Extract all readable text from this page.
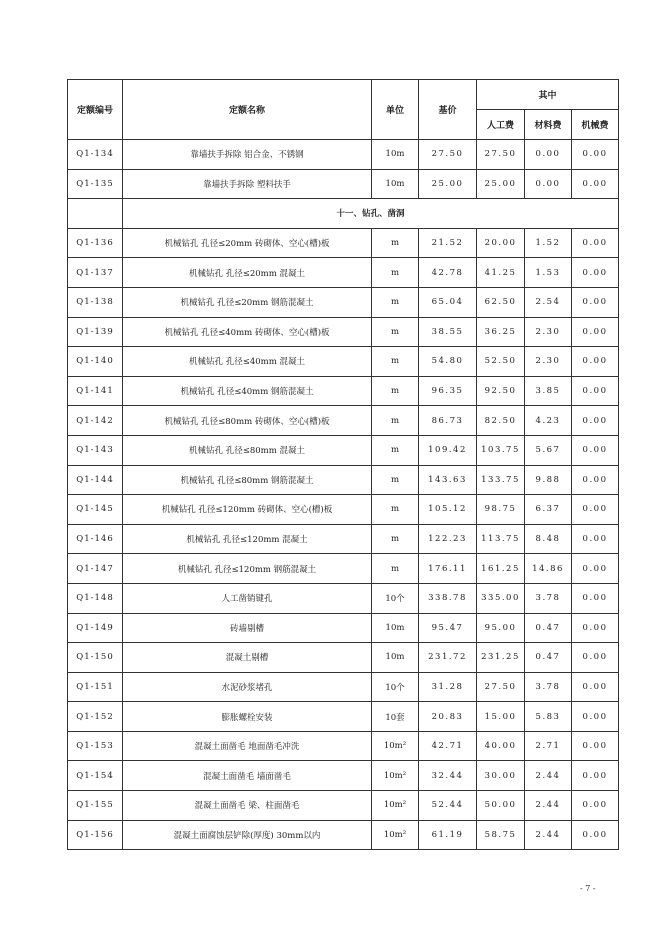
定额编号	定额名称	单位	基价	其中		
				人工费	材料费	机械费
Q1-134	靠墙扶手拆除 铝合金、不锈钢	10m	27.50	27.50	0.00	0.00
Q1-135	靠墙扶手拆除 塑料扶手	10m	25.00	25.00	0.00	0.00
	十一、钻孔、凿洞					
Q1-136	机械钻孔 孔径≤20mm 砖砌体、空心(槽)板	m	21.52	20.00	1.52	0.00
Q1-137	机械钻孔 孔径≤20mm 混凝土	m	42.78	41.25	1.53	0.00
Q1-138	机械钻孔 孔径≤20mm 钢筋混凝土	m	65.04	62.50	2.54	0.00
Q1-139	机械钻孔 孔径≤40mm 砖砌体、空心(槽)板	m	38.55	36.25	2.30	0.00
Q1-140	机械钻孔 孔径≤40mm 混凝土	m	54.80	52.50	2.30	0.00
Q1-141	机械钻孔 孔径≤40mm 钢筋混凝土	m	96.35	92.50	3.85	0.00
Q1-142	机械钻孔 孔径≤80mm 砖砌体、空心(槽)板	m	86.73	82.50	4.23	0.00
Q1-143	机械钻孔 孔径≤80mm 混凝土	m	109.42	103.75	5.67	0.00
Q1-144	机械钻孔 孔径≤80mm 钢筋混凝土	m	143.63	133.75	9.88	0.00
Q1-145	机械钻孔 孔径≤120mm 砖砌体、空心(槽)板	m	105.12	98.75	6.37	0.00
Q1-146	机械钻孔 孔径≤120mm 混凝土	m	122.23	113.75	8.48	0.00
Q1-147	机械钻孔 孔径≤120mm 钢筋混凝土	m	176.11	161.25	14.86	0.00
Q1-148	人工凿销键孔	10个	338.78	335.00	3.78	0.00
Q1-149	砖墙剔槽	10m	95.47	95.00	0.47	0.00
Q1-150	混凝土剔槽	10m	231.72	231.25	0.47	0.00
Q1-151	水泥砂浆堵孔	10个	31.28	27.50	3.78	0.00
Q1-152	膨胀螺栓安装	10套	20.83	15.00	5.83	0.00
Q1-153	混凝土面凿毛 地面凿毛冲洗	10m²	42.71	40.00	2.71	0.00
Q1-154	混凝土面凿毛 墙面凿毛	10m²	32.44	30.00	2.44	0.00
Q1-155	混凝土面凿毛 梁、柱面凿毛	10m²	52.44	50.00	2.44	0.00
Q1-156	混凝土面腐蚀层铲除(厚度) 30mm以内	10m²	61.19	58.75	2.44	0.00
- 7 -
